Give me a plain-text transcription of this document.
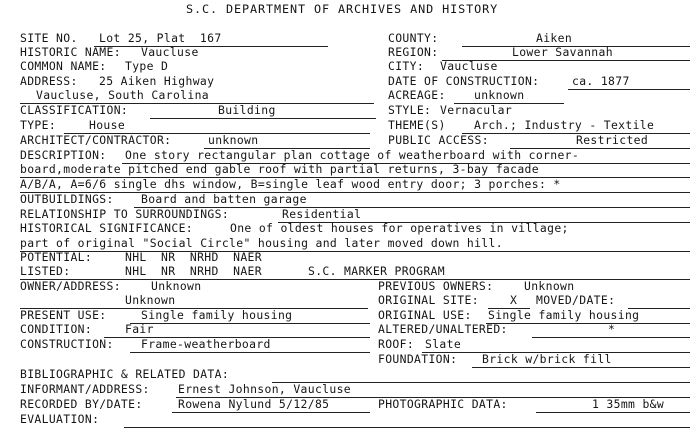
S.C. DEPARTMENT OF ARCHIVES AND HISTORY
SITE NO. Lot 25, Plat  167	COUNTY:	Aiken
HISTORIC NAME: Vaucluse	REGION:	Lower Savannah
COMMON NAME: Type D	CITY: Vaucluse
ADDRESS: 25 Aiken Highway	DATE OF CONSTRUCTION:	ca. 1877
Vaucluse, South Carolina	ACREAGE: unknown
CLASSIFICATION:	Building	STYLE: Vernacular
TYPE:	House	THEME(S) Arch.; Industry - Textile
ARCHITECT/CONTRACTOR:	unknown	PUBLIC ACCESS:	Restricted
DESCRIPTION: One story rectangular plan cottage of weatherboard with corner-
board,moderate pitched end gable roof with partial returns, 3-bay facade
A/B/A, A=6/6 single dhs window, B=single leaf wood entry door; 3 porches: *
OUTBUILDINGS: Board and batten garage
RELATIONSHIP TO SURROUNDINGS:	Residential
HISTORICAL SIGNIFICANCE:	One of oldest houses for operatives in village;
part of original "Social Circle" housing and later moved down hill.
POTENTIAL:	NHL  NR  NRHD  NAER
LISTED:	NHL  NR  NRHD  NAER	S.C. MARKER PROGRAM
OWNER/ADDRESS:	Unknown
Unknown
PREVIOUS OWNERS:	Unknown
ORIGINAL SITE:	X MOVED/DATE:
PRESENT USE:	Single family housing	ORIGINAL USE: Single family housing
CONDITION:	Fair	ALTERED/UNALTERED:	*
CONSTRUCTION: Frame-weatherboard	ROOF: Slate
FOUNDATION: Brick w/brick fill
BIBLIOGRAPHIC & RELATED DATA:
INFORMANT/ADDRESS: Ernest Johnson, Vaucluse
RECORDED BY/DATE:	Rowena Nylund 5/12/85	PHOTOGRAPHIC DATA:	1 35mm b&w
EVALUATION:
